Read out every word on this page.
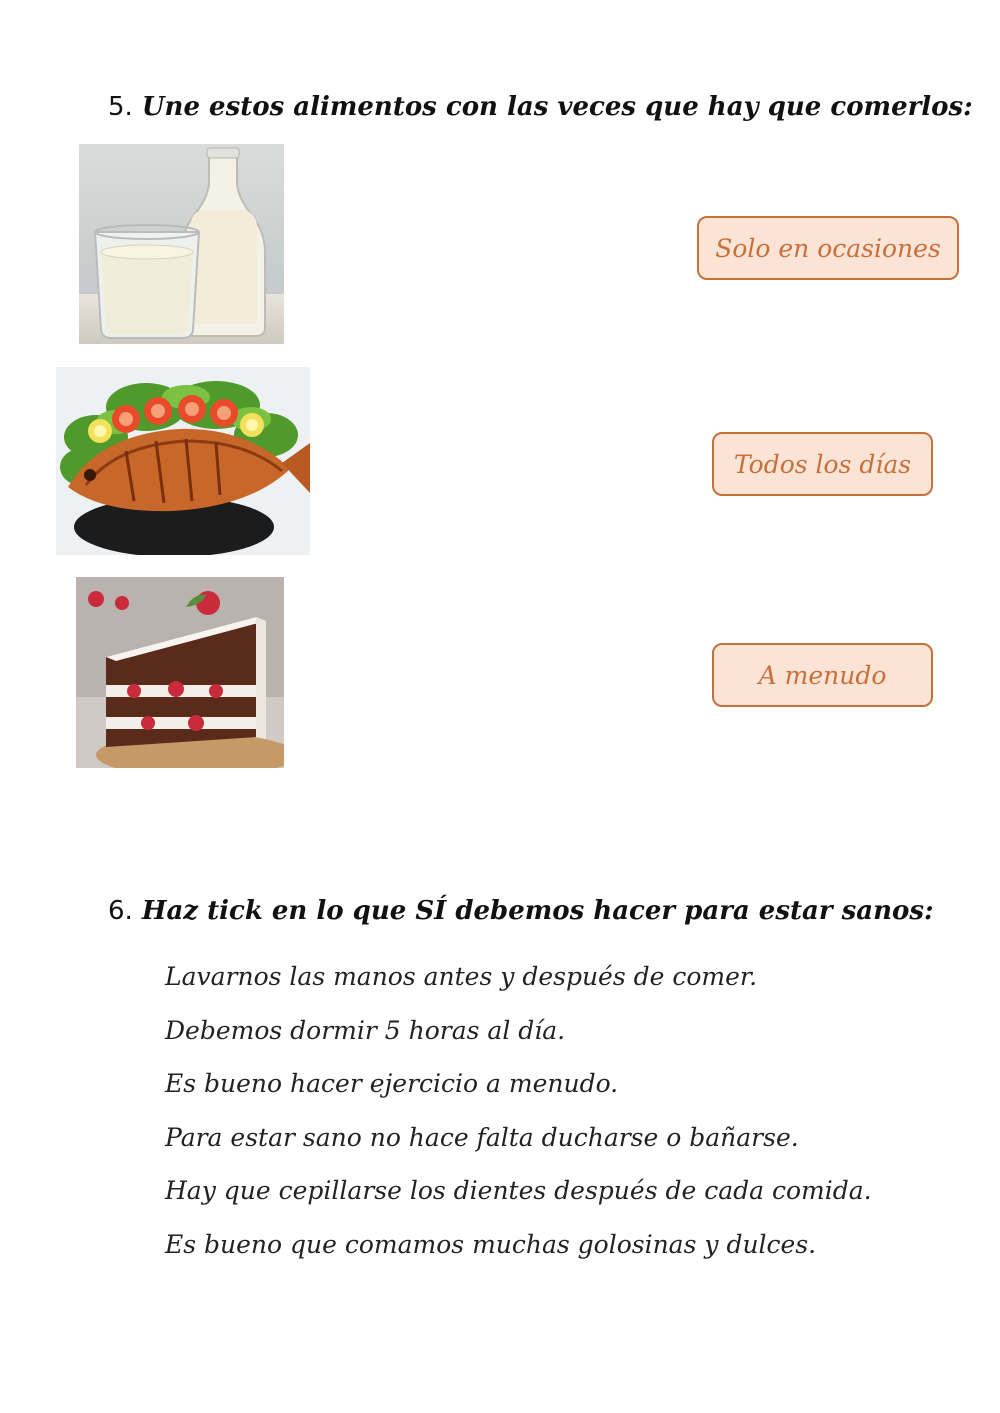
5. Une estos alimentos con las veces que hay que comerlos:
Solo en ocasiones
Todos los días
A menudo
6. Haz tick en lo que SÍ debemos hacer para estar sanos:
Lavarnos las manos antes y después de comer.
Debemos dormir 5 horas al día.
Es bueno hacer ejercicio a menudo.
Para estar sano no hace falta ducharse o bañarse.
Hay que cepillarse los dientes después de cada comida.
Es bueno que comamos muchas golosinas y dulces.
